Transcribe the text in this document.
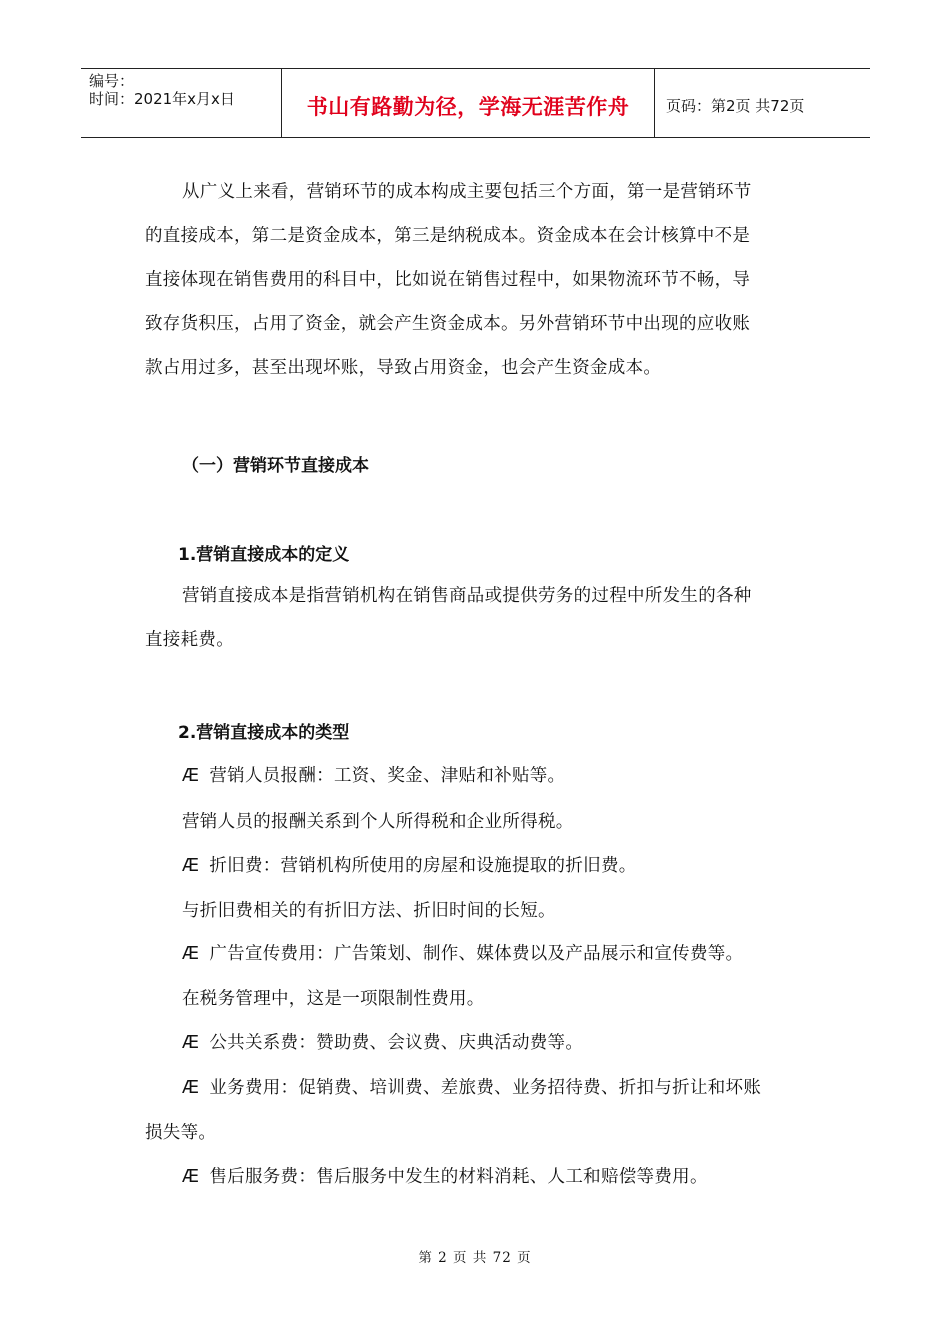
编号：
时间：2021年x月x日	书山有路勤为径，学海无涯苦作舟	页码：第2页 共72页

从广义上来看，营销环节的成本构成主要包括三个方面，第一是营销环节

的直接成本，第二是资金成本，第三是纳税成本。资金成本在会计核算中不是

直接体现在销售费用的科目中，比如说在销售过程中，如果物流环节不畅，导

致存货积压，占用了资金，就会产生资金成本。另外营销环节中出现的应收账

款占用过多，甚至出现坏账，导致占用资金，也会产生资金成本。

（一）营销环节直接成本

1.营销直接成本的定义

营销直接成本是指营销机构在销售商品或提供劳务的过程中所发生的各种

直接耗费。

2.营销直接成本的类型

Æ 营销人员报酬：工资、奖金、津贴和补贴等。

营销人员的报酬关系到个人所得税和企业所得税。

Æ 折旧费：营销机构所使用的房屋和设施提取的折旧费。

与折旧费相关的有折旧方法、折旧时间的长短。

Æ 广告宣传费用：广告策划、制作、媒体费以及产品展示和宣传费等。

在税务管理中，这是一项限制性费用。

Æ 公共关系费：赞助费、会议费、庆典活动费等。

Æ 业务费用：促销费、培训费、差旅费、业务招待费、折扣与折让和坏账

损失等。

Æ 售后服务费：售后服务中发生的材料消耗、人工和赔偿等费用。

第 2 页 共 72 页
